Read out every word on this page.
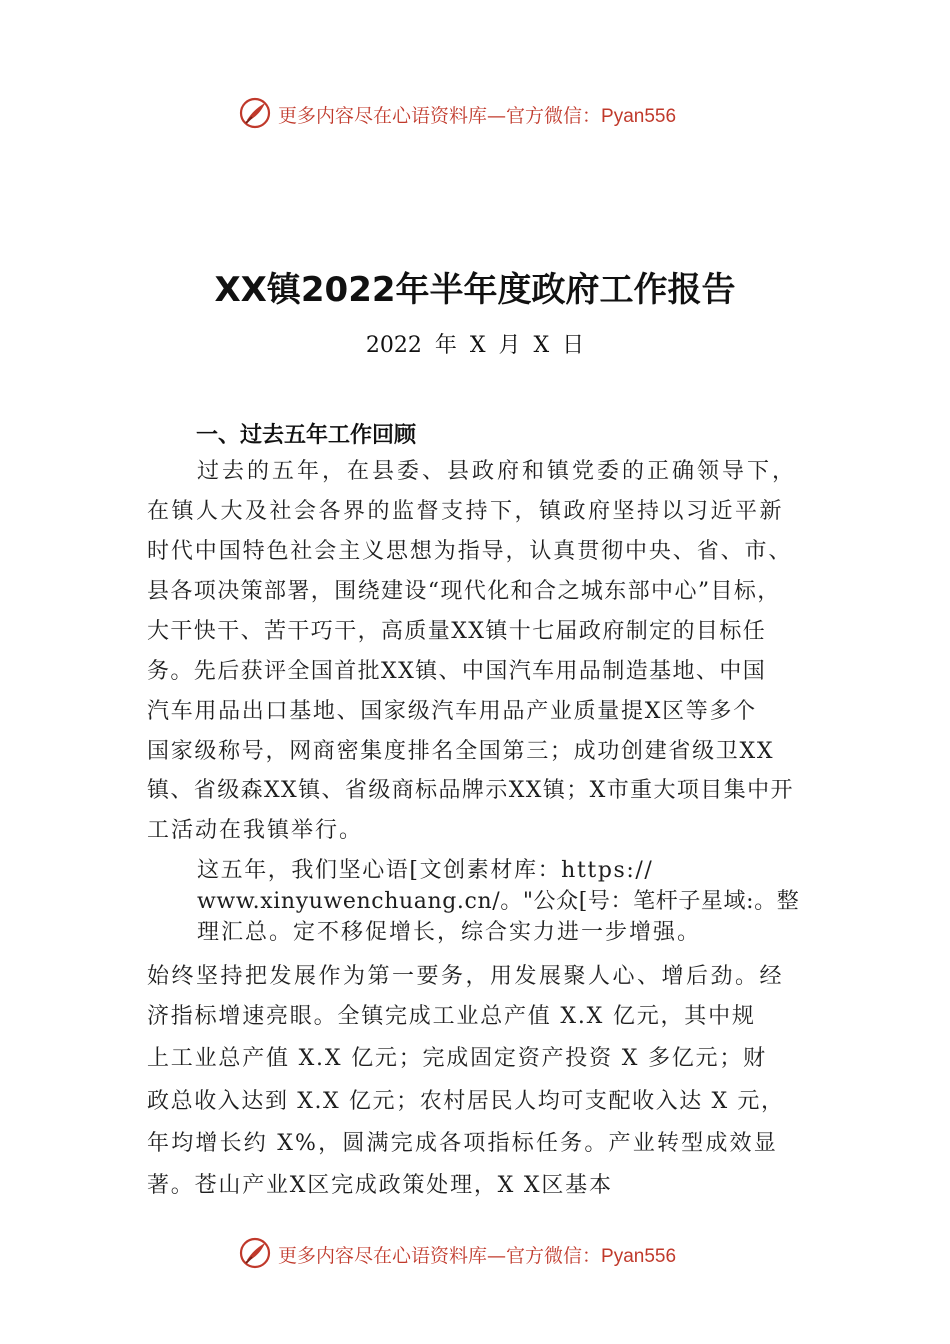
更多内容尽在心语资料库—官方微信：Pyan556
XX镇2022年半年度政府工作报告
2022 年 X 月 X 日
一、过去五年工作回顾
过去的五年，在县委、县政府和镇党委的正确领导下，
在镇人大及社会各界的监督支持下，镇政府坚持以习近平新
时代中国特色社会主义思想为指导，认真贯彻中央、省、市、
县各项决策部署，围绕建设“现代化和合之城东部中心”目标，
大干快干、苦干巧干，高质量XX镇十七届政府制定的目标任
务。先后获评全国首批XX镇、中国汽车用品制造基地、中国
汽车用品出口基地、国家级汽车用品产业质量提X区等多个
国家级称号，网商密集度排名全国第三；成功创建省级卫XX
镇、省级森XX镇、省级商标品牌示XX镇；X市重大项目集中开
工活动在我镇举行。
这五年，我们坚心语[文创素材库：https://
www.xinyuwenchuang.cn/。"公众[号：笔杆子星域:。整
理汇总。定不移促增长，综合实力进一步增强。
始终坚持把发展作为第一要务，用发展聚人心、增后劲。经
济指标增速亮眼。全镇完成工业总产值 X.X 亿元，其中规
上工业总产值 X.X 亿元；完成固定资产投资 X 多亿元；财
政总收入达到 X.X 亿元；农村居民人均可支配收入达 X 元，
年均增长约 X%，圆满完成各项指标任务。产业转型成效显
著。苍山产业X区完成政策处理，X X区基本
更多内容尽在心语资料库—官方微信：Pyan556
